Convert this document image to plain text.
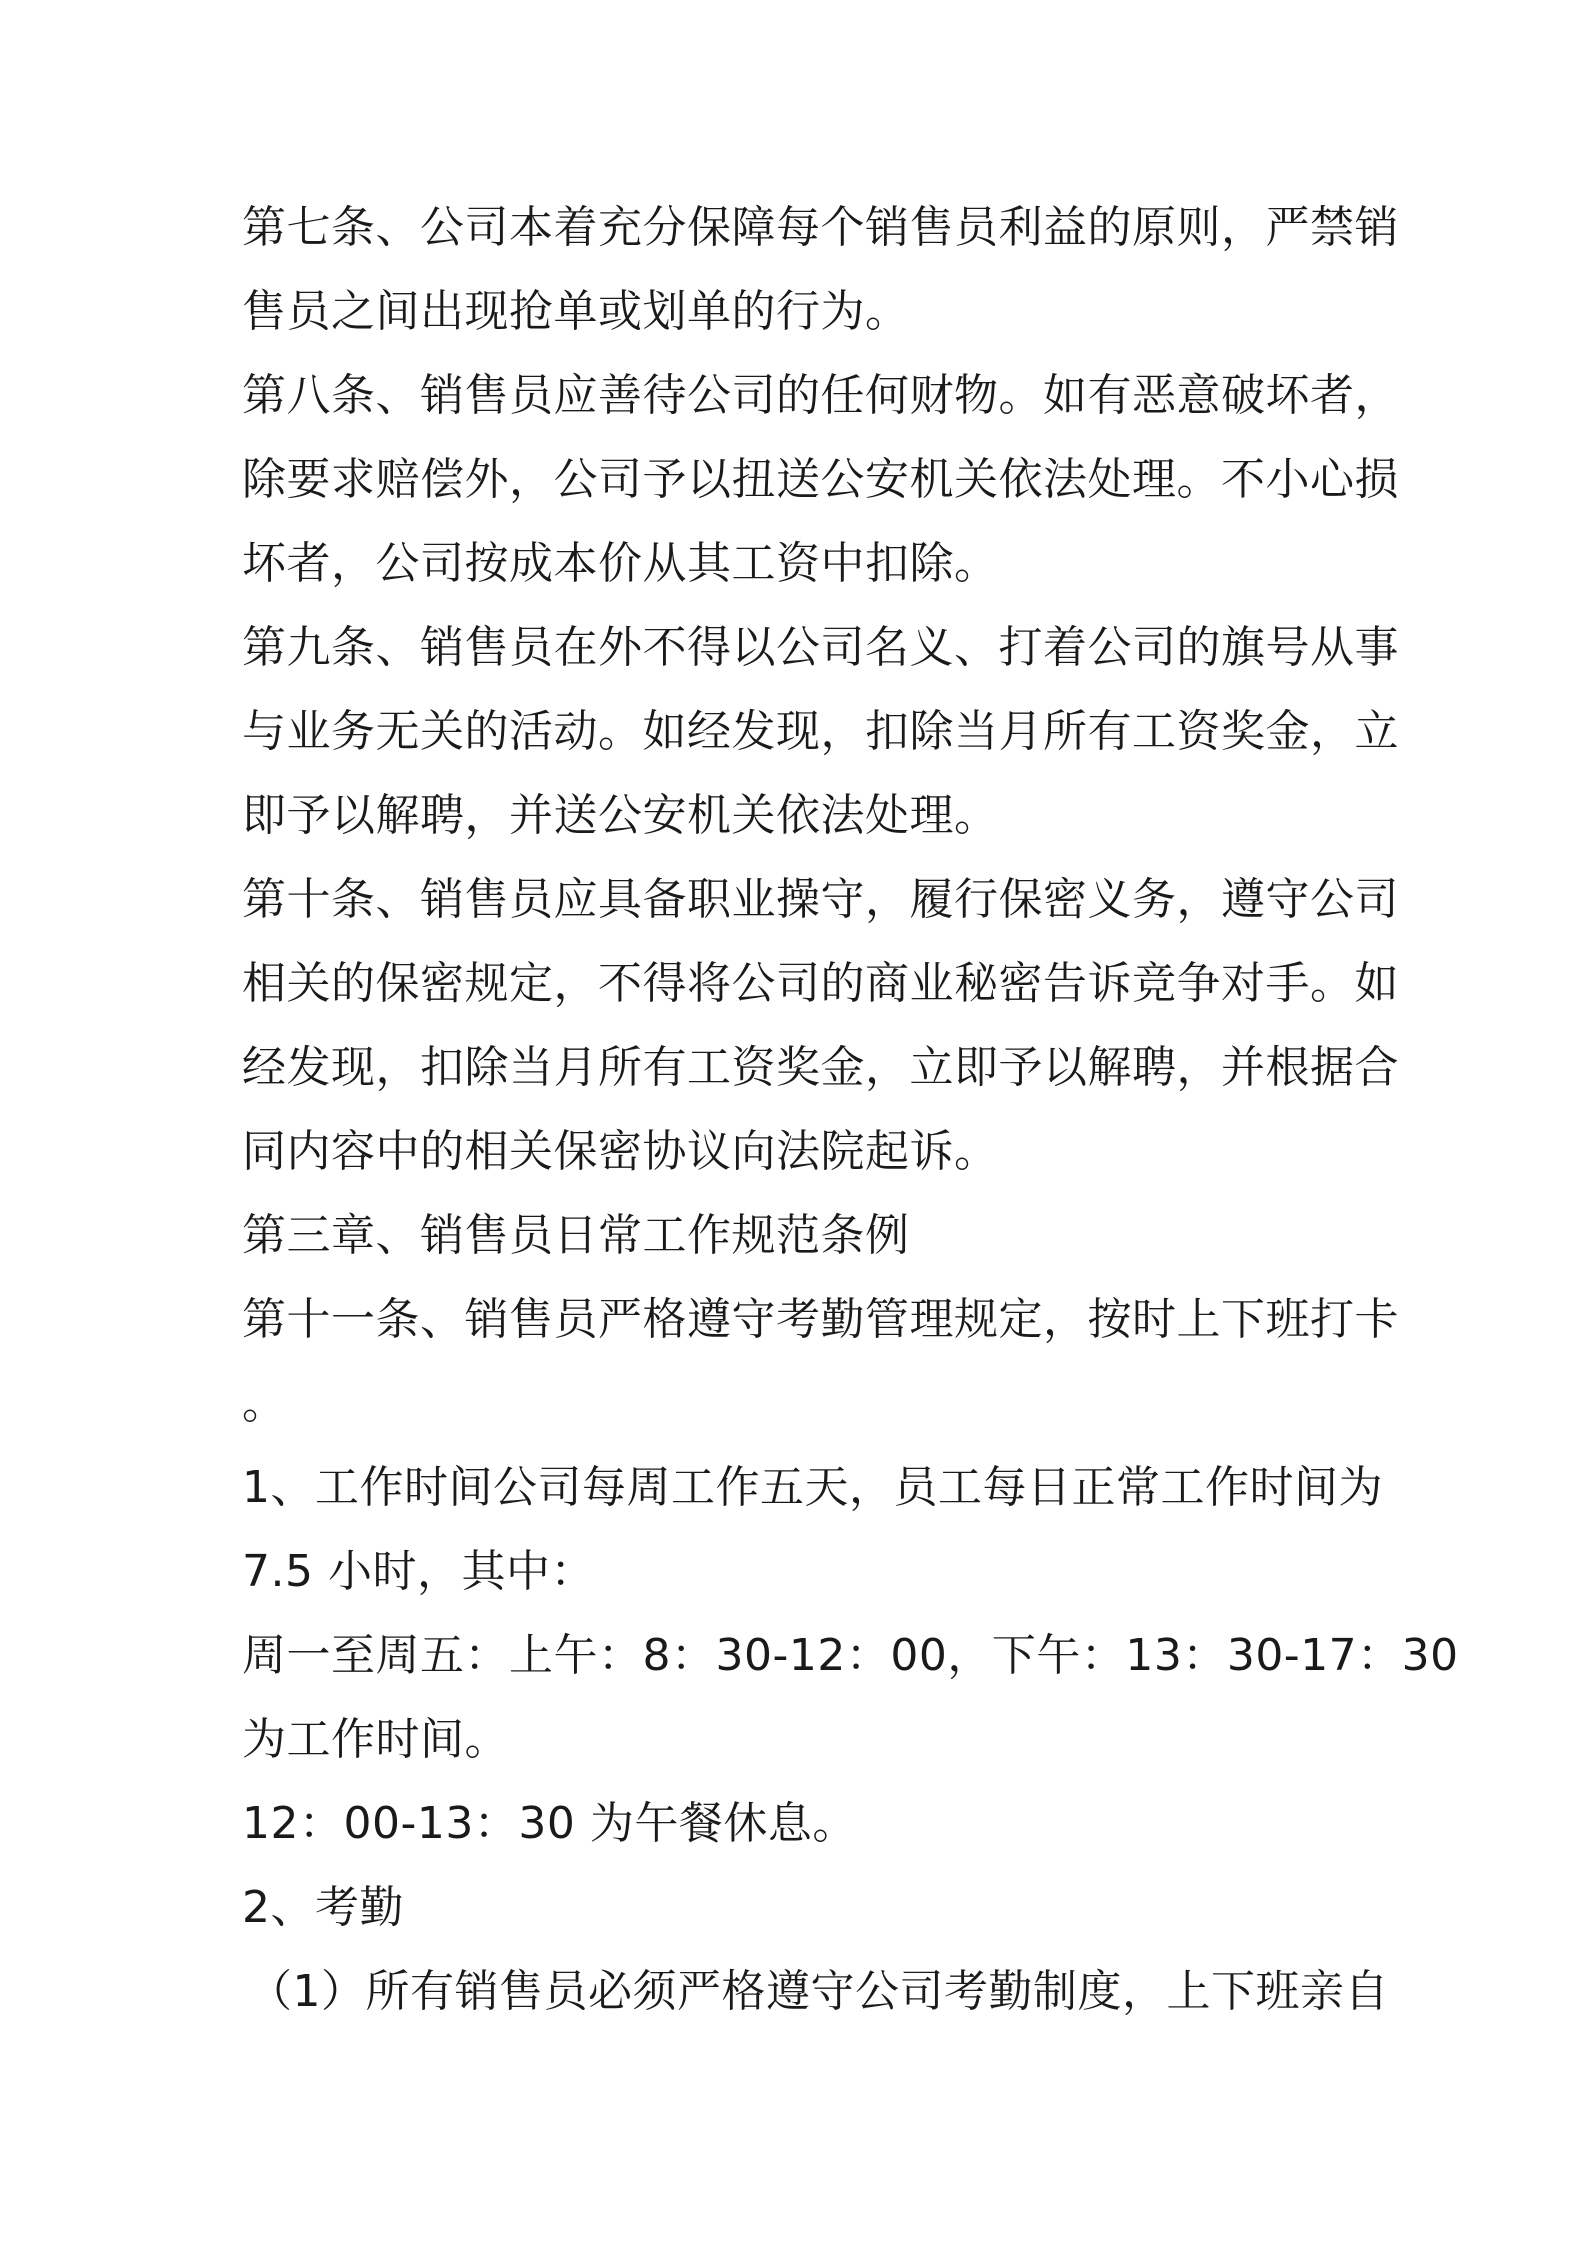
第七条、公司本着充分保障每个销售员利益的原则，严禁销
售员之间出现抢单或划单的行为。
第八条、销售员应善待公司的任何财物。如有恶意破坏者，
除要求赔偿外，公司予以扭送公安机关依法处理。不小心损
坏者，公司按成本价从其工资中扣除。
第九条、销售员在外不得以公司名义、打着公司的旗号从事
与业务无关的活动。如经发现，扣除当月所有工资奖金，立
即予以解聘，并送公安机关依法处理。
第十条、销售员应具备职业操守，履行保密义务，遵守公司
相关的保密规定，不得将公司的商业秘密告诉竞争对手。如
经发现，扣除当月所有工资奖金，立即予以解聘，并根据合
同内容中的相关保密协议向法院起诉。
第三章、销售员日常工作规范条例
第十一条、销售员严格遵守考勤管理规定，按时上下班打卡
。
1、工作时间公司每周工作五天，员工每日正常工作时间为
7.5 小时，其中：
周一至周五：上午：8：30-12：00，下午：13：30-17：30
为工作时间。
12：00-13：30 为午餐休息。
2、考勤
（1）所有销售员必须严格遵守公司考勤制度，上下班亲自
